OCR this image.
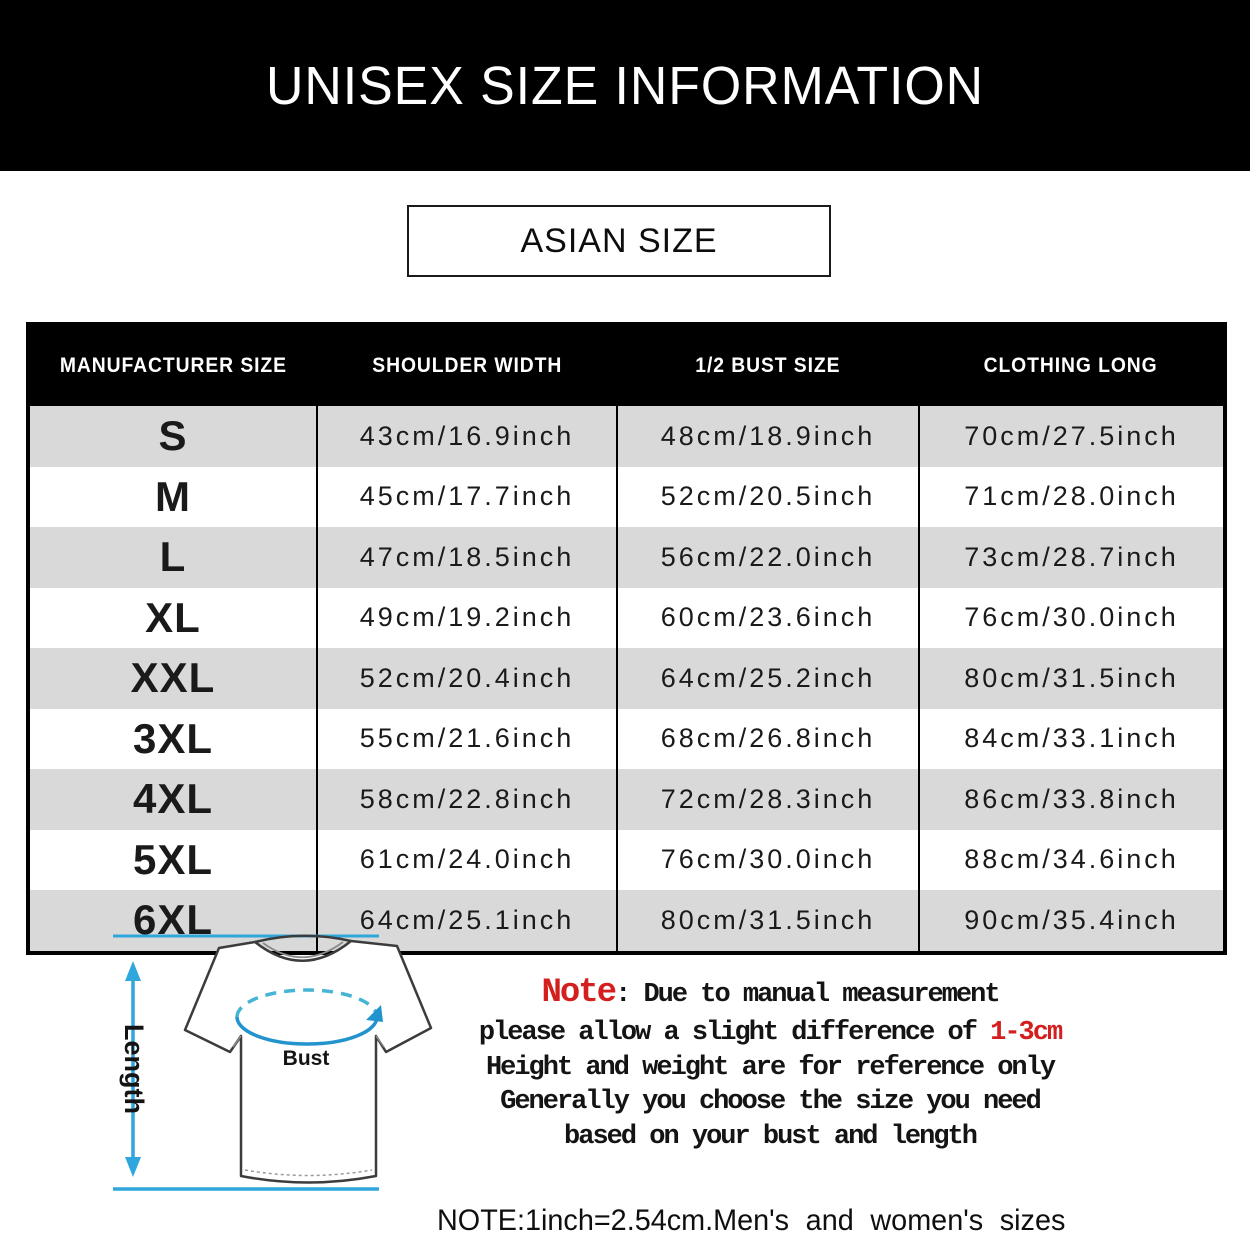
UNISEX SIZE INFORMATION
ASIAN SIZE
MANUFACTURER SIZE	SHOULDER WIDTH	1/2 BUST SIZE	CLOTHING LONG
S	43cm/16.9inch	48cm/18.9inch	70cm/27.5inch
M	45cm/17.7inch	52cm/20.5inch	71cm/28.0inch
L	47cm/18.5inch	56cm/22.0inch	73cm/28.7inch
XL	49cm/19.2inch	60cm/23.6inch	76cm/30.0inch
XXL	52cm/20.4inch	64cm/25.2inch	80cm/31.5inch
3XL	55cm/21.6inch	68cm/26.8inch	84cm/33.1inch
4XL	58cm/22.8inch	72cm/28.3inch	86cm/33.8inch
5XL	61cm/24.0inch	76cm/30.0inch	88cm/34.6inch
6XL	64cm/25.1inch	80cm/31.5inch	90cm/35.4inch
Length	Bust
Note: Due to manual measurement
please allow a slight difference of 1-3cm
Height and weight are for reference only
Generally you choose the size you need
based on your bust and length
NOTE:1inch=2.54cm.Men's and women's sizes
